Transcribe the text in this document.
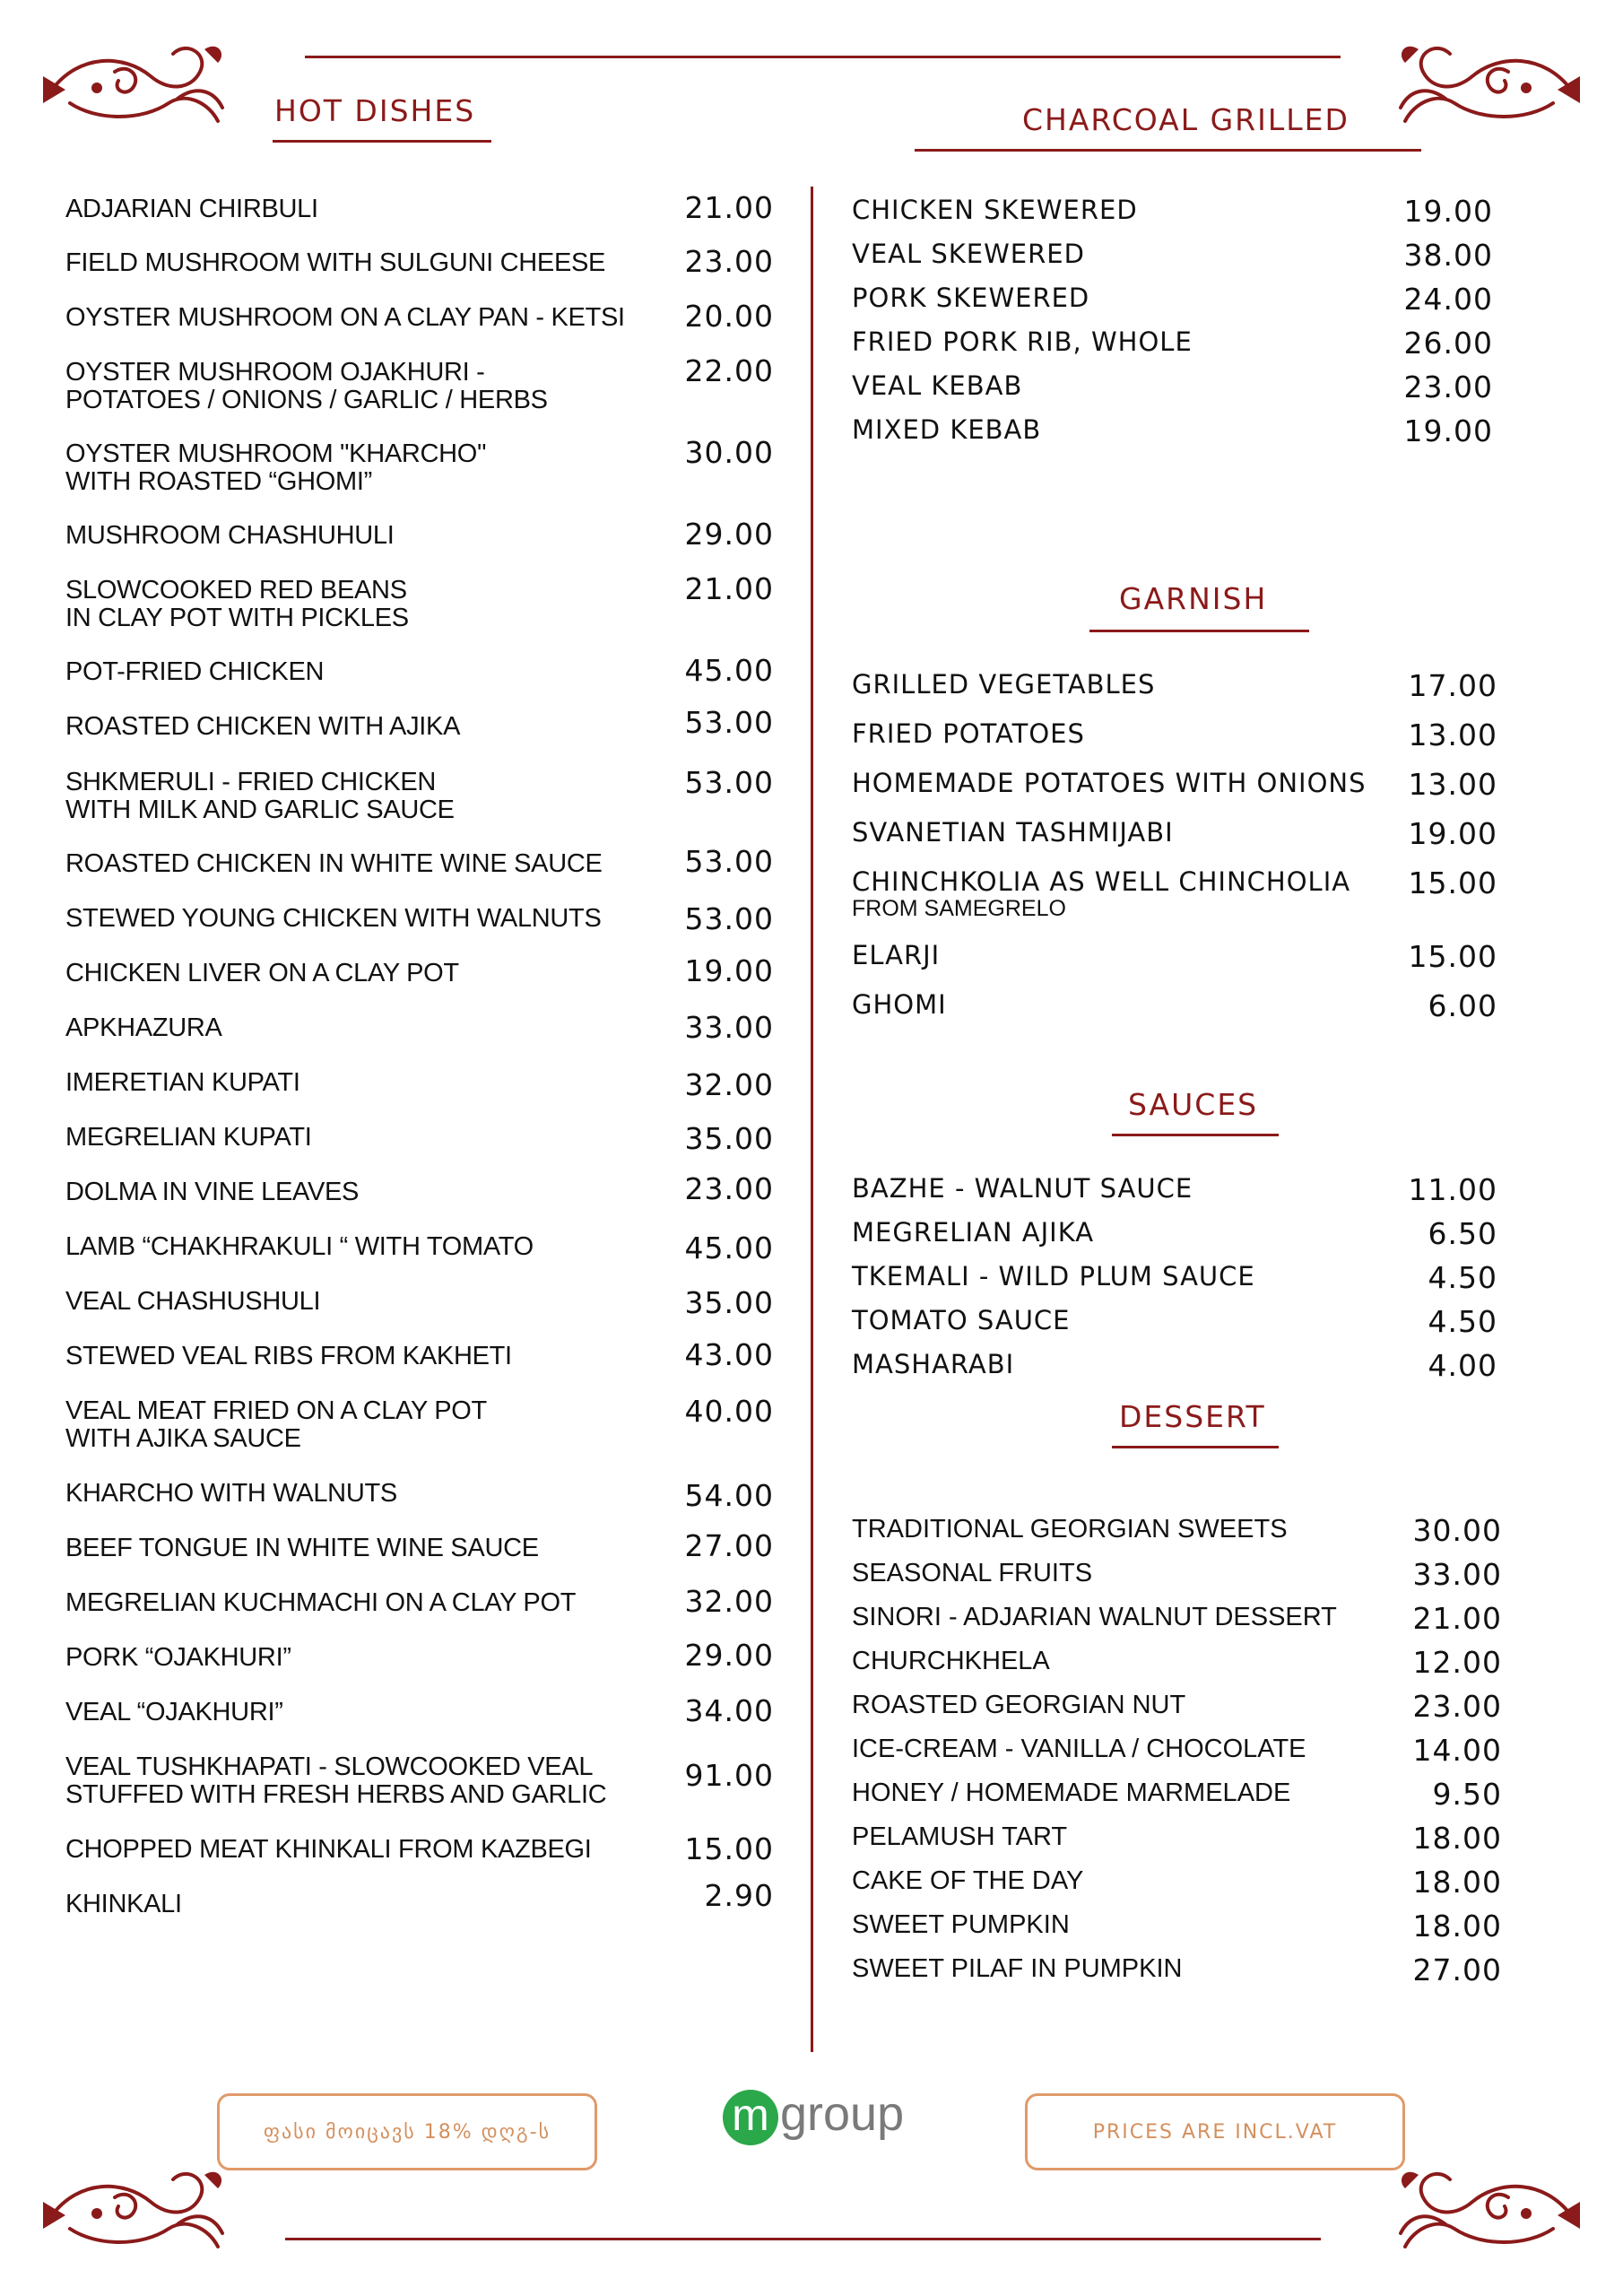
HOT DISHES	CHARCOAL GRILLED
GARNISH
SAUCES
DESSERT
ADJARIAN CHIRBULI	21.00
FIELD MUSHROOM WITH SULGUNI CHEESE	23.00
OYSTER MUSHROOM ON A CLAY PAN - KETSI	20.00
OYSTER MUSHROOM OJAKHURI -
POTATOES / ONIONS / GARLIC / HERBS
22.00
OYSTER MUSHROOM "KHARCHO"
WITH ROASTED “GHOMI”
30.00
MUSHROOM CHASHUHULI	29.00
SLOWCOOKED RED BEANS
IN CLAY POT WITH PICKLES
21.00
POT-FRIED CHICKEN	45.00
ROASTED CHICKEN WITH AJIKA	53.00
SHKMERULI - FRIED CHICKEN
WITH MILK AND GARLIC SAUCE
53.00
ROASTED CHICKEN IN WHITE WINE SAUCE	53.00
STEWED YOUNG CHICKEN WITH WALNUTS	53.00
CHICKEN LIVER ON A CLAY POT	19.00
APKHAZURA	33.00
IMERETIAN KUPATI	32.00
MEGRELIAN KUPATI	35.00
DOLMA IN VINE LEAVES	23.00
LAMB “CHAKHRAKULI “ WITH TOMATO	45.00
VEAL CHASHUSHULI	35.00
STEWED VEAL RIBS FROM KAKHETI	43.00
VEAL MEAT FRIED ON A CLAY POT
WITH AJIKA SAUCE
40.00
KHARCHO WITH WALNUTS	54.00
BEEF TONGUE IN WHITE WINE SAUCE	27.00
MEGRELIAN KUCHMACHI ON A CLAY POT	32.00
PORK “OJAKHURI”	29.00
VEAL “OJAKHURI”	34.00
VEAL TUSHKHAPATI - SLOWCOOKED VEAL
STUFFED WITH FRESH HERBS AND GARLIC
91.00
CHOPPED MEAT KHINKALI FROM KAZBEGI	15.00
KHINKALI	2.90
CHICKEN SKEWERED	19.00
VEAL SKEWERED	38.00
PORK SKEWERED	24.00
FRIED PORK RIB, WHOLE	26.00
VEAL KEBAB	23.00
MIXED KEBAB	19.00
GRILLED VEGETABLES	17.00
FRIED POTATOES	13.00
HOMEMADE POTATOES WITH ONIONS	13.00
SVANETIAN TASHMIJABI	19.00
CHINCHKOLIA AS WELL CHINCHOLIA
FROM SAMEGRELO
15.00
ELARJI	15.00
GHOMI	6.00
BAZHE - WALNUT SAUCE	11.00
MEGRELIAN AJIKA	6.50
TKEMALI - WILD PLUM SAUCE	4.50
TOMATO SAUCE	4.50
MASHARABI	4.00
TRADITIONAL GEORGIAN SWEETS	30.00
SEASONAL FRUITS	33.00
SINORI - ADJARIAN WALNUT DESSERT	21.00
CHURCHKHELA	12.00
ROASTED GEORGIAN NUT	23.00
ICE-CREAM - VANILLA / CHOCOLATE	14.00
HONEY / HOMEMADE MARMELADE	9.50
PELAMUSH TART	18.00
CAKE OF THE DAY	18.00
SWEET PUMPKIN	18.00
SWEET PILAF IN PUMPKIN	27.00
ფასი მოიცავს 18% დღგ-ს	PRICES ARE INCL.VAT
m group
